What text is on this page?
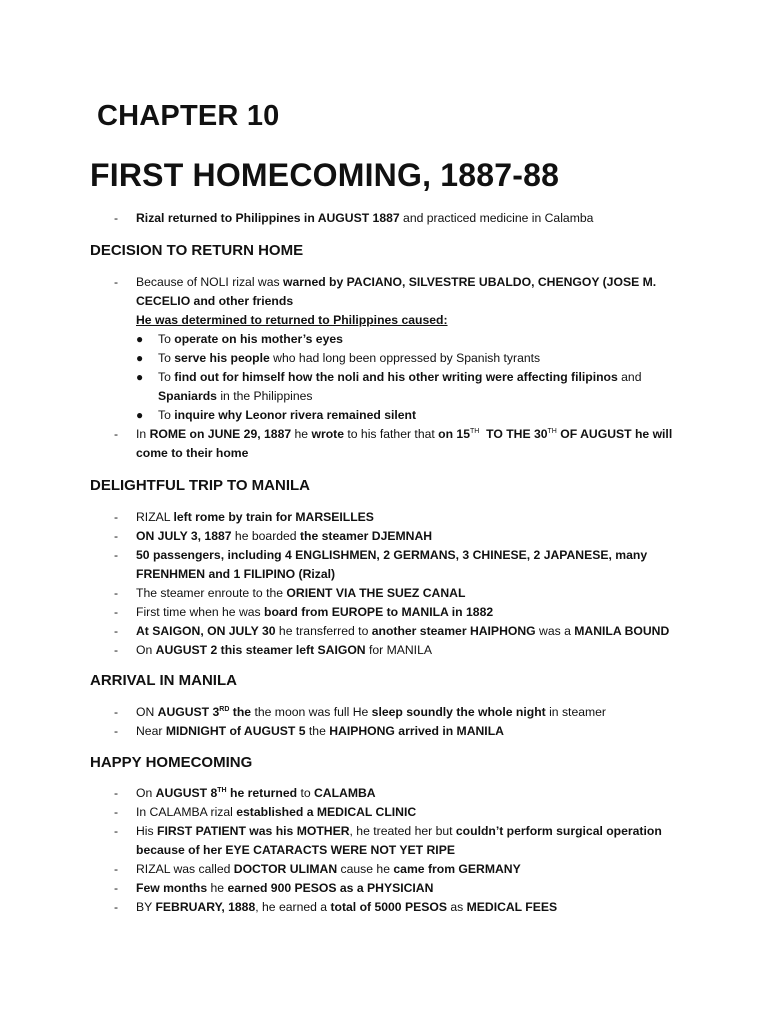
CHAPTER 10
FIRST HOMECOMING, 1887-88
- Rizal returned to Philippines in AUGUST 1887 and practiced medicine in Calamba
DECISION TO RETURN HOME
- Because of NOLI rizal was warned by PACIANO, SILVESTRE UBALDO, CHENGOY (JOSE M.
CECELIO and other friends
He was determined to returned to Philippines caused:
● To operate on his mother’s eyes
● To serve his people who had long been oppressed by Spanish tyrants
● To find out for himself how the noli and his other writing were affecting filipinos and
Spaniards in the Philippines
● To inquire why Leonor rivera remained silent
- In ROME on JUNE 29, 1887 he wrote to his father that on 15TH  TO THE 30TH OF AUGUST he will
come to their home
DELIGHTFUL TRIP TO MANILA
- RIZAL left rome by train for MARSEILLES
- ON JULY 3, 1887 he boarded the steamer DJEMNAH
- 50 passengers, including 4 ENGLISHMEN, 2 GERMANS, 3 CHINESE, 2 JAPANESE, many
FRENHMEN and 1 FILIPINO (Rizal)
- The steamer enroute to the ORIENT VIA THE SUEZ CANAL
- First time when he was board from EUROPE to MANILA in 1882
- At SAIGON, ON JULY 30 he transferred to another steamer HAIPHONG was a MANILA BOUND
- On AUGUST 2 this steamer left SAIGON for MANILA
ARRIVAL IN MANILA
- ON AUGUST 3RD the the moon was full He sleep soundly the whole night in steamer
- Near MIDNIGHT of AUGUST 5 the HAIPHONG arrived in MANILA
HAPPY HOMECOMING
- On AUGUST 8TH he returned to CALAMBA
- In CALAMBA rizal established a MEDICAL CLINIC
- His FIRST PATIENT was his MOTHER, he treated her but couldn’t perform surgical operation
because of her EYE CATARACTS WERE NOT YET RIPE
- RIZAL was called DOCTOR ULIMAN cause he came from GERMANY
- Few months he earned 900 PESOS as a PHYSICIAN
- BY FEBRUARY, 1888, he earned a total of 5000 PESOS as MEDICAL FEES
